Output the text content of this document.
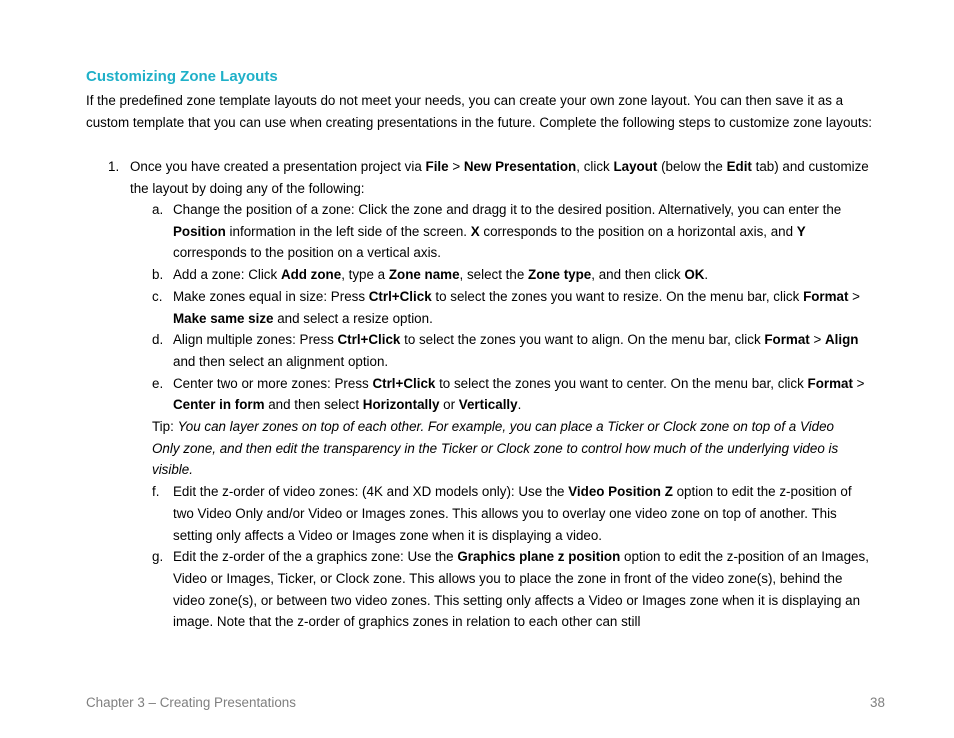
Customizing Zone Layouts
If the predefined zone template layouts do not meet your needs, you can create your own zone layout. You can then save it as a custom template that you can use when creating presentations in the future. Complete the following steps to customize zone layouts:
1. Once you have created a presentation project via File > New Presentation, click Layout (below the Edit tab) and customize the layout by doing any of the following:
a. Change the position of a zone: Click the zone and dragg it to the desired position. Alternatively, you can enter the Position information in the left side of the screen. X corresponds to the position on a horizontal axis, and Y corresponds to the position on a vertical axis.
b. Add a zone: Click Add zone, type a Zone name, select the Zone type, and then click OK.
c. Make zones equal in size: Press Ctrl+Click to select the zones you want to resize. On the menu bar, click Format > Make same size and select a resize option.
d. Align multiple zones: Press Ctrl+Click to select the zones you want to align. On the menu bar, click Format > Align and then select an alignment option.
e. Center two or more zones: Press Ctrl+Click to select the zones you want to center. On the menu bar, click Format > Center in form and then select Horizontally or Vertically.
Tip: You can layer zones on top of each other. For example, you can place a Ticker or Clock zone on top of a Video Only zone, and then edit the transparency in the Ticker or Clock zone to control how much of the underlying video is visible.
f. Edit the z-order of video zones: (4K and XD models only): Use the Video Position Z option to edit the z-position of two Video Only and/or Video or Images zones. This allows you to overlay one video zone on top of another. This setting only affects a Video or Images zone when it is displaying a video.
g. Edit the z-order of the a graphics zone: Use the Graphics plane z position option to edit the z-position of an Images, Video or Images, Ticker, or Clock zone. This allows you to place the zone in front of the video zone(s), behind the video zone(s), or between two video zones. This setting only affects a Video or Images zone when it is displaying an image. Note that the z-order of graphics zones in relation to each other can still
Chapter 3 – Creating Presentations	38
